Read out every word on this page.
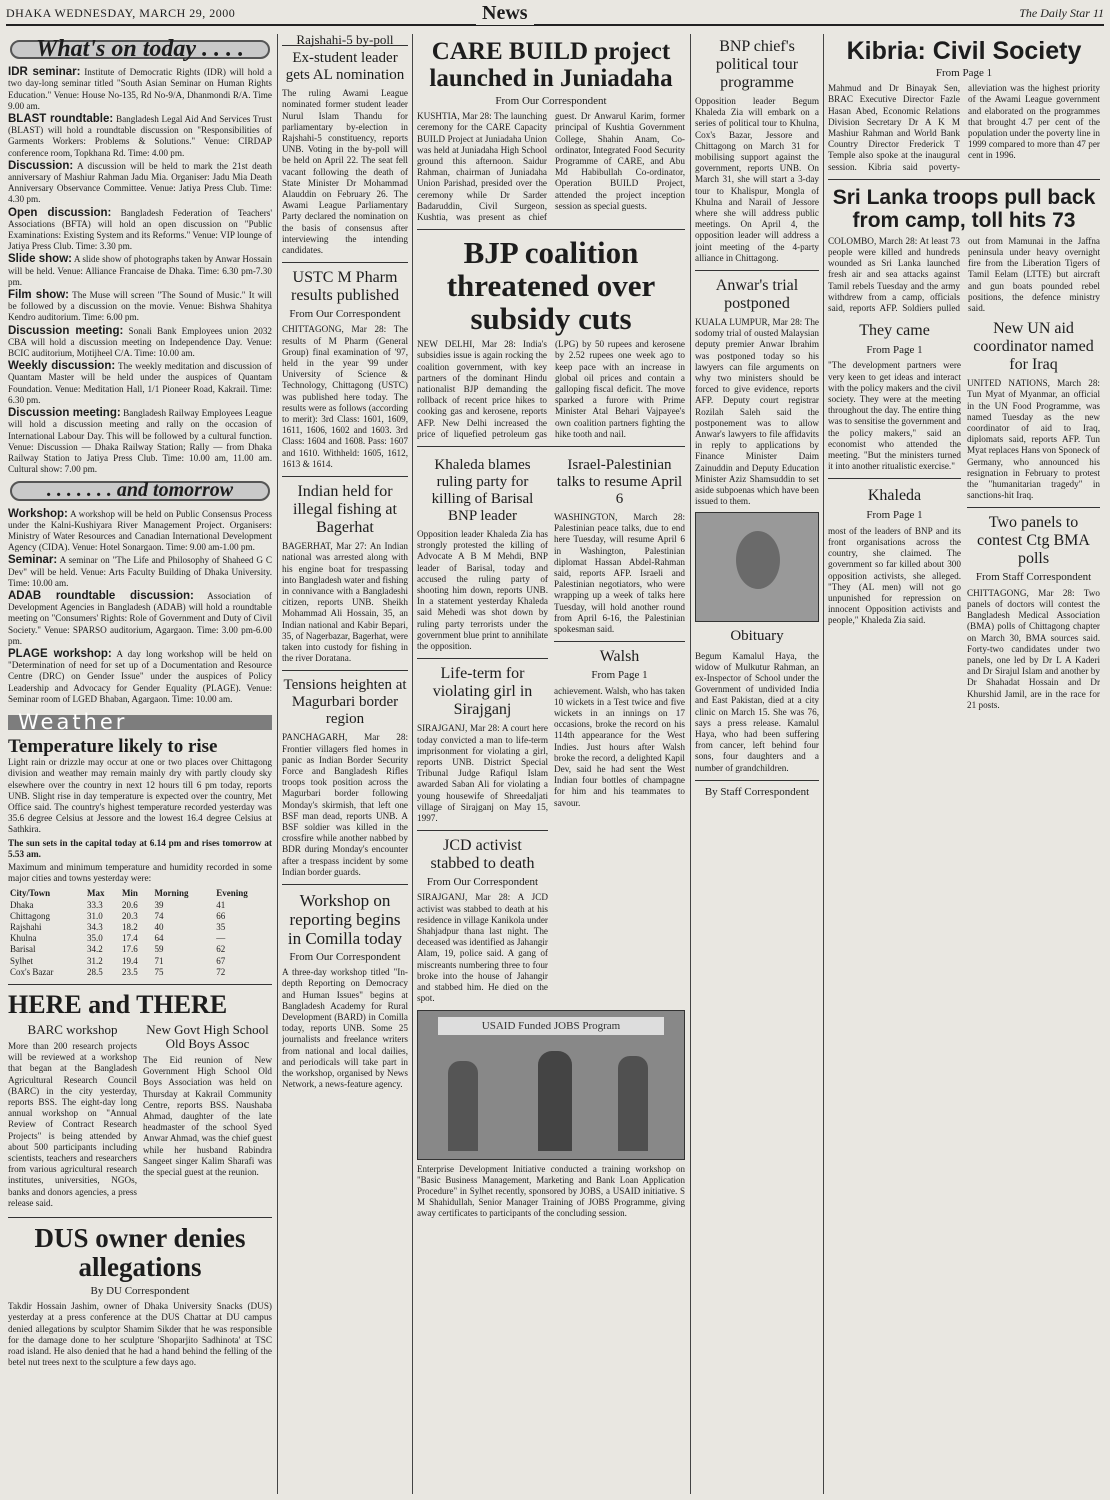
DHAKA WEDNESDAY, MARCH 29, 2000	News	The Daily Star 11
What's on today . . . .

IDR seminar: Institute of Democratic Rights (IDR) will hold a two day-long seminar titled "South Asian Seminar on Human Rights Education." Venue: House No-135, Rd No-9/A, Dhanmondi R/A. Time 9.00 am.

BLAST roundtable: Bangladesh Legal Aid And Services Trust (BLAST) will hold a roundtable discussion on "Responsibilities of Garments Workers: Problems & Solutions." Venue: CIRDAP conference room, Topkhana Rd. Time: 4.00 pm.

Discussion: A discussion will be held to mark the 21st death anniversary of Mashiur Rahman Jadu Mia. Organiser: Jadu Mia Death Anniversary Observance Committee. Venue: Jatiya Press Club. Time: 4.30 pm.

Open discussion: Bangladesh Federation of Teachers' Associations (BFTA) will hold an open discussion on "Public Examinations: Existing System and its Reforms." Venue: VIP lounge of Jatiya Press Club. Time: 3.30 pm.

Slide show: A slide show of photographs taken by Anwar Hossain will be held. Venue: Alliance Francaise de Dhaka. Time: 6.30 pm-7.30 pm.

Film show: The Muse will screen "The Sound of Music." It will be followed by a discussion on the movie. Venue: Bishwa Shahitya Kendro auditorium. Time: 6.00 pm.

Discussion meeting: Sonali Bank Employees union 2032 CBA will hold a discussion meeting on Independence Day. Venue: BCIC auditorium, Motijheel C/A. Time: 10.00 am.

Weekly discussion: The weekly meditation and discussion of Quantam Master will be held under the auspices of Quantam Foundation. Venue: Meditation Hall, 1/1 Pioneer Road, Kakrail. Time: 6.30 pm.

Discussion meeting: Bangladesh Railway Employees League will hold a discussion meeting and rally on the occasion of International Labour Day. This will be followed by a cultural function. Venue: Discussion — Dhaka Railway Station; Rally — from Dhaka Railway Station to Jatiya Press Club. Time: 10.00 am, 11.00 am. Cultural show: 7.00 pm.

. . . . . . . and tomorrow

Workshop: A workshop will be held on Public Consensus Process under the Kalni-Kushiyara River Management Project. Organisers: Ministry of Water Resources and Canadian International Development Agency (CIDA). Venue: Hotel Sonargaon. Time: 9.00 am-1.00 pm.

Seminar: A seminar on "The Life and Philosophy of Shaheed G C Dev" will be held. Venue: Arts Faculty Building of Dhaka University. Time: 10.00 am.

ADAB roundtable discussion: Association of Development Agencies in Bangladesh (ADAB) will hold a roundtable meeting on "Consumers' Rights: Role of Government and Duty of Civil Society." Venue: SPARSO auditorium, Agargaon. Time: 3.00 pm-6.00 pm.

PLAGE workshop: A day long workshop will be held on "Determination of need for set up of a Documentation and Resource Centre (DRC) on Gender Issue" under the auspices of Policy Leadership and Advocacy for Gender Equality (PLAGE). Venue: Seminar room of LGED Bhaban, Agargaon. Time: 10.00 am.

Weather
Temperature likely to rise

Light rain or drizzle may occur at one or two places over Chittagong division and weather may remain mainly dry with partly cloudy sky elsewhere over the country in next 12 hours till 6 pm today, reports UNB. Slight rise in day temperature is expected over the country, Met Office said. The country's highest temperature recorded yesterday was 35.6 degree Celsius at Jessore and the lowest 16.4 degree Celsius at Sathkira.

The sun sets in the capital today at 6.14 pm and rises tomorrow at 5.53 am.

Maximum and minimum temperature and humidity recorded in some major cities and towns yesterday were:

City/Town	Max	Min	Morning	Evening
Dhaka	33.3	20.6	39	41
Chittagong	31.0	20.3	74	66
Rajshahi	34.3	18.2	40	35
Khulna	35.0	17.4	64	—
Barisal	34.2	17.6	59	62
Sylhet	31.2	19.4	71	67
Cox's Bazar	28.5	23.5	75	72
HERE and THERE
BARC workshop

More than 200 research projects will be reviewed at a workshop that began at the Bangladesh Agricultural Research Council (BARC) in the city yesterday, reports BSS. The eight-day long annual workshop on "Annual Review of Contract Research Projects" is being attended by about 500 participants including scientists, teachers and researchers from various agricultural research institutes, universities, NGOs, banks and donors agencies, a press release said.

New Govt High School Old Boys Assoc

The Eid reunion of New Government High School Old Boys Association was held on Thursday at Kakrail Community Centre, reports BSS. Naushaba Ahmad, daughter of the late headmaster of the school Syed Anwar Ahmad, was the chief guest while her husband Rabindra Sangeet singer Kalim Sharafi was the special guest at the reunion.

DUS owner denies allegations
By DU Correspondent

Takdir Hossain Jashim, owner of Dhaka University Snacks (DUS) yesterday at a press conference at the DUS Chattar at DU campus denied allegations by sculptor Shamim Sikder that he was responsible for the damage done to her sculpture 'Shoparjito Sadhinota' at TSC road island. He also denied that he had a hand behind the felling of the betel nut trees next to the sculpture a few days ago.

Rajshahi-5 by-poll
Ex-student leader gets AL nomination

The ruling Awami League nominated former student leader Nurul Islam Thandu for parliamentary by-election in Rajshahi-5 constituency, reports UNB. Voting in the by-poll will be held on April 22. The seat fell vacant following the death of State Minister Dr Mohammad Alauddin on February 26. The Awami League Parliamentary Party declared the nomination on the basis of consensus after interviewing the intending candidates.

USTC M Pharm results published
From Our Correspondent

CHITTAGONG, Mar 28: The results of M Pharm (General Group) final examination of '97, held in the year '99 under University of Science & Technology, Chittagong (USTC) was published here today. The results were as follows (according to merit): 3rd Class: 1601, 1609, 1611, 1606, 1602 and 1603. 3rd Class: 1604 and 1608. Pass: 1607 and 1610. Withheld: 1605, 1612, 1613 & 1614.

Indian held for illegal fishing at Bagerhat

BAGERHAT, Mar 27: An Indian national was arrested along with his engine boat for trespassing into Bangladesh water and fishing in connivance with a Bangladeshi citizen, reports UNB. Sheikh Mohammad Ali Hossain, 35, an Indian national and Kabir Bepari, 35, of Nagerbazar, Bagerhat, were taken into custody for fishing in the river Doratana.

Tensions heighten at Magurbari border region

PANCHAGARH, Mar 28: Frontier villagers fled homes in panic as Indian Border Security Force and Bangladesh Rifles troops took position across the Magurbari border following Monday's skirmish, that left one BSF man dead, reports UNB. A BSF soldier was killed in the crossfire while another nabbed by BDR during Monday's encounter after a trespass incident by some Indian border guards.

Workshop on reporting begins in Comilla today
From Our Correspondent

A three-day workshop titled "In-depth Reporting on Democracy and Human Issues" begins at Bangladesh Academy for Rural Development (BARD) in Comilla today, reports UNB. Some 25 journalists and freelance writers from national and local dailies, and periodicals will take part in the workshop, organised by News Network, a news-feature agency.

CARE BUILD project launched in Juniadaha
From Our Correspondent

KUSHTIA, Mar 28: The launching ceremony for the CARE Capacity BUILD Project at Juniadaha Union was held at Juniadaha High School ground this afternoon. Saidur Rahman, chairman of Juniadaha Union Parishad, presided over the ceremony while Dr Sarder Badaruddin, Civil Surgeon, Kushtia, was present as chief guest. Dr Anwarul Karim, former principal of Kushtia Government College, Shahin Anam, Co-ordinator, Integrated Food Security Programme of CARE, and Abu Md Habibullah Co-ordinator, Operation BUILD Project, attended the project inception session as special guests.

BJP coalition threatened over subsidy cuts

NEW DELHI, Mar 28: India's subsidies issue is again rocking the coalition government, with key partners of the dominant Hindu nationalist BJP demanding the rollback of recent price hikes to cooking gas and kerosene, reports AFP. New Delhi increased the price of liquefied petroleum gas (LPG) by 50 rupees and kerosene by 2.52 rupees one week ago to keep pace with an increase in global oil prices and contain a galloping fiscal deficit. The move sparked a furore with Prime Minister Atal Behari Vajpayee's own coalition partners fighting the hike tooth and nail.

Khaleda blames ruling party for killing of Barisal BNP leader

Opposition leader Khaleda Zia has strongly protested the killing of Advocate A B M Mehdi, BNP leader of Barisal, today and accused the ruling party of shooting him down, reports UNB. In a statement yesterday Khaleda said Mehedi was shot down by ruling party terrorists under the government blue print to annihilate the opposition.

Life-term for violating girl in Sirajganj

SIRAJGANJ, Mar 28: A court here today convicted a man to life-term imprisonment for violating a girl, reports UNB. District Special Tribunal Judge Rafiqul Islam awarded Saban Ali for violating a young housewife of Shreedaljati village of Sirajganj on May 15, 1997.

JCD activist stabbed to death
From Our Correspondent

SIRAJGANJ, Mar 28: A JCD activist was stabbed to death at his residence in village Kanikola under Shahjadpur thana last night. The deceased was identified as Jahangir Alam, 19, police said. A gang of miscreants numbering three to four broke into the house of Jahangir and stabbed him. He died on the spot.

Israel-Palestinian talks to resume April 6

WASHINGTON, March 28: Palestinian peace talks, due to end here Tuesday, will resume April 6 in Washington, Palestinian diplomat Hassan Abdel-Rahman said, reports AFP. Israeli and Palestinian negotiators, who were wrapping up a week of talks here Tuesday, will hold another round from April 6-16, the Palestinian spokesman said.

Walsh
From Page 1

achievement. Walsh, who has taken 10 wickets in a Test twice and five wickets in an innings on 17 occasions, broke the record on his 114th appearance for the West Indies. Just hours after Walsh broke the record, a delighted Kapil Dev, said he had sent the West Indian four bottles of champagne for him and his teammates to savour.

USAID Funded JOBS Program

Enterprise Development Initiative conducted a training workshop on "Basic Business Management, Marketing and Bank Loan Application Procedure" in Sylhet recently, sponsored by JOBS, a USAID initiative. S M Shahidullah, Senior Manager Training of JOBS Programme, giving away certificates to participants of the concluding session.

BNP chief's political tour programme

Opposition leader Begum Khaleda Zia will embark on a series of political tour to Khulna, Cox's Bazar, Jessore and Chittagong on March 31 for mobilising support against the government, reports UNB. On March 31, she will start a 3-day tour to Khalispur, Mongla of Khulna and Narail of Jessore where she will address public meetings. On April 4, the opposition leader will address a joint meeting of the 4-party alliance in Chittagong.

Anwar's trial postponed

KUALA LUMPUR, Mar 28: The sodomy trial of ousted Malaysian deputy premier Anwar Ibrahim was postponed today so his lawyers can file arguments on why two ministers should be forced to give evidence, reports AFP. Deputy court registrar Rozilah Saleh said the postponement was to allow Anwar's lawyers to file affidavits in reply to applications by Finance Minister Daim Zainuddin and Deputy Education Minister Aziz Shamsuddin to set aside subpoenas which have been issued to them.

Obituary

Begum Kamalul Haya, the widow of Mulkutur Rahman, an ex-Inspector of School under the Government of undivided India and East Pakistan, died at a city clinic on March 15. She was 76, says a press release. Kamalul Haya, who had been suffering from cancer, left behind four sons, four daughters and a number of grandchildren.

By Staff Correspondent
Kibria: Civil Society
From Page 1

Mahmud and Dr Binayak Sen, BRAC Executive Director Fazle Hasan Abed, Economic Relations Division Secretary Dr A K M Mashiur Rahman and World Bank Country Director Frederick T Temple also spoke at the inaugural session. Kibria said poverty-alleviation was the highest priority of the Awami League government and elaborated on the programmes that brought 4.7 per cent of the population under the poverty line in 1999 compared to more than 47 per cent in 1996.

Sri Lanka troops pull back from camp, toll hits 73

COLOMBO, March 28: At least 73 people were killed and hundreds wounded as Sri Lanka launched fresh air and sea attacks against Tamil rebels Tuesday and the army withdrew from a camp, officials said, reports AFP. Soldiers pulled out from Mamunai in the Jaffna peninsula under heavy overnight fire from the Liberation Tigers of Tamil Eelam (LTTE) but aircraft and gun boats pounded rebel positions, the defence ministry said.

They came
From Page 1

"The development partners were very keen to get ideas and interact with the policy makers and the civil society. They were at the meeting throughout the day. The entire thing was to sensitise the government and the policy makers," said an economist who attended the meeting. "But the ministers turned it into another ritualistic exercise."

Khaleda
From Page 1

most of the leaders of BNP and its front organisations across the country, she claimed. The government so far killed about 300 opposition activists, she alleged. "They (AL men) will not go unpunished for repression on innocent Opposition activists and people," Khaleda Zia said.

New UN aid coordinator named for Iraq

UNITED NATIONS, March 28: Tun Myat of Myanmar, an official in the UN Food Programme, was named Tuesday as the new coordinator of aid to Iraq, diplomats said, reports AFP. Tun Myat replaces Hans von Sponeck of Germany, who announced his resignation in February to protest the "humanitarian tragedy" in sanctions-hit Iraq.

Two panels to contest Ctg BMA polls
From Staff Correspondent

CHITTAGONG, Mar 28: Two panels of doctors will contest the Bangladesh Medical Association (BMA) polls of Chittagong chapter on March 30, BMA sources said. Forty-two candidates under two panels, one led by Dr L A Kaderi and Dr Sirajul Islam and another by Dr Shahadat Hossain and Dr Khurshid Jamil, are in the race for 21 posts.
